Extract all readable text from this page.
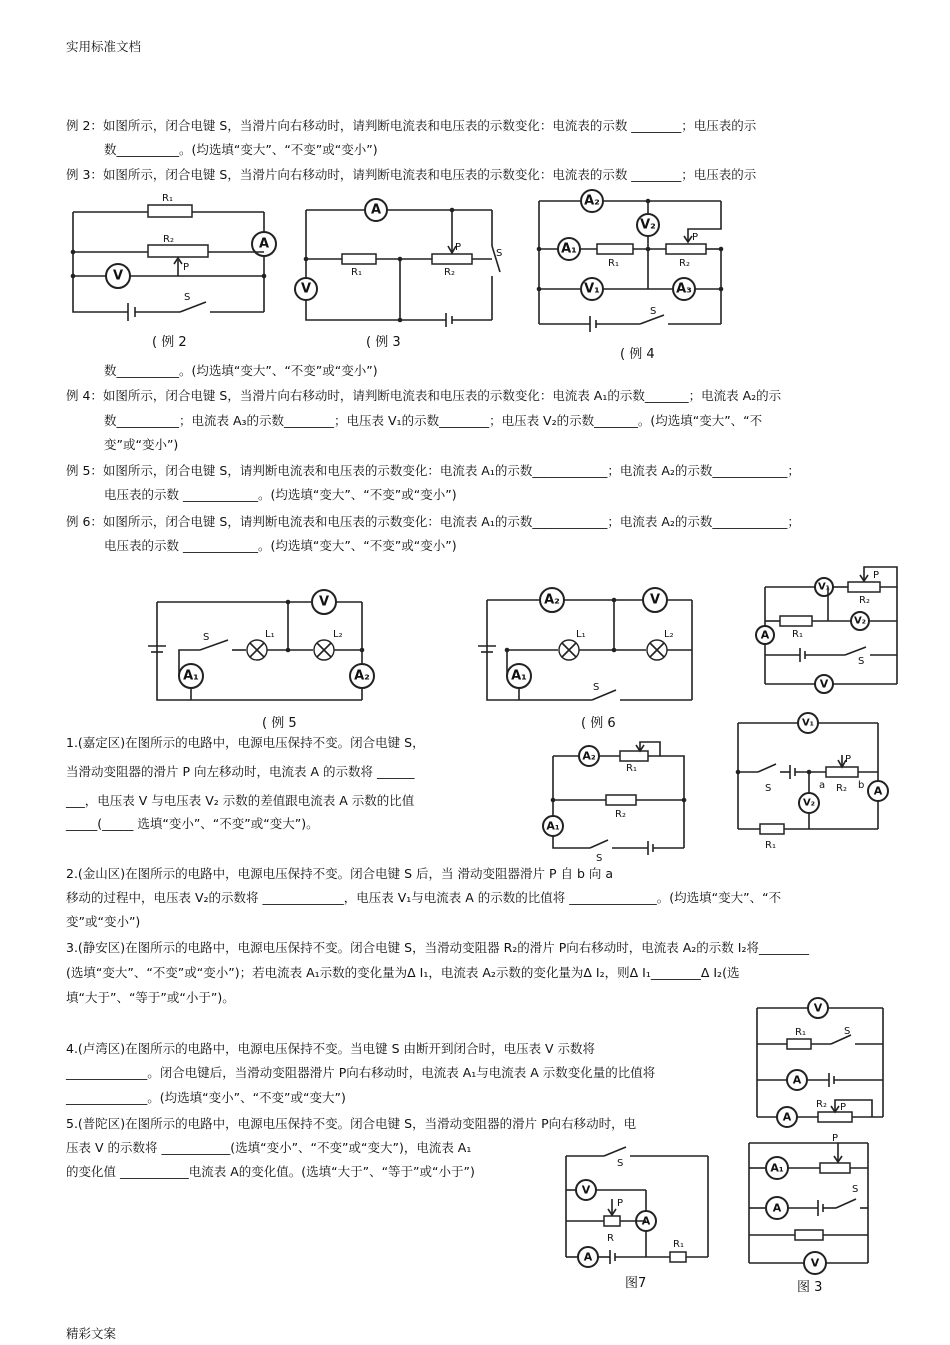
实用标准文档
精彩文案
例 2：如图所示，闭合电键 S，当滑片向右移动时，请判断电流表和电压表的示数变化：电流表的示数 ________；电压表的示
数__________。(均选填“变大”、“不变”或“变小”)
例 3：如图所示，闭合电键 S，当滑片向右移动时，请判断电流表和电压表的示数变化：电流表的示数 ________；电压表的示
数__________。(均选填“变大”、“不变”或“变小”)
例 4：如图所示，闭合电键 S，当滑片向右移动时，请判断电流表和电压表的示数变化：电流表 A₁的示数_______；电流表 A₂的示
数__________；电流表 A₃的示数________；电压表 V₁的示数________；电压表 V₂的示数_______。(均选填“变大”、“不
变”或“变小”)
例 5：如图所示，闭合电键 S，请判断电流表和电压表的示数变化：电流表 A₁的示数____________；电流表 A₂的示数____________；
电压表的示数 ____________。(均选填“变大”、“不变”或“变小”)
例 6：如图所示，闭合电键 S，请判断电流表和电压表的示数变化：电流表 A₁的示数____________；电流表 A₂的示数____________；
电压表的示数 ____________。(均选填“变大”、“不变”或“变小”)
1.(嘉定区)在图所示的电路中，电源电压保持不变。闭合电键 S，
当滑动变阻器的滑片 P 向左移动时，电流表 A 的示数将 ______
___，电压表 V 与电压表 V₂ 示数的差值跟电流表 A 示数的比值
_____(_____ 选填“变小”、“不变”或“变大”)。
2.(金山区)在图所示的电路中，电源电压保持不变。闭合电键 S 后，当 滑动变阻器滑片 P 自 b 向 a
移动的过程中，电压表 V₂的示数将 _____________，电压表 V₁与电流表 A 的示数的比值将 ______________。(均选填“变大”、“不
变”或“变小”)
3.(静安区)在图所示的电路中，电源电压保持不变。闭合电键 S，当滑动变阻器 R₂的滑片 P向右移动时，电流表 A₂的示数 I₂将________
(选填“变大”、“不变”或“变小”)；若电流表 A₁示数的变化量为Δ I₁，电流表 A₂示数的变化量为Δ I₂，则Δ I₁________Δ I₂(选
填“大于”、“等于”或“小于”)。
4.(卢湾区)在图所示的电路中，电源电压保持不变。当电键 S 由断开到闭合时，电压表 V 示数将
_____________。闭合电键后，当滑动变阻器滑片 P向右移动时，电流表 A₁与电流表 A 示数变化量的比值将
_____________。(均选填“变小”、“不变”或“变大”)
5.(普陀区)在图所示的电路中，电源电压保持不变。闭合电键 S，当滑动变阻器的滑片 P向右移动时，电
压表 V 的示数将 ___________(选填“变小”、“不变”或“变大”)，电流表 A₁
的变化值 ___________电流表 A的变化值。(选填“大于”、“等于”或“小于”)
( 例 2	( 例 3
( 例 4
( 例 5	( 例 6
图7	图 3
A
V
R₁
R₂
P
S
A
V
R₁	R₂
P
S
A₂
A₁
V₂
V₁	A₃
R₁	R₂
P
S
V
A₁	A₂
S	L₁	L₂
A₂	V
A₁
S
L₁	L₂
V₁
A
V₂
V
R₁
R₂
P
S
A₂
A₁
R₁
R₂
S
V₁
A
V₂
S	a	b
P
R₂
R₁
V
A
A
R₁	S
R₂ P
V
A
A
S
P
R
R₁
A₁
A
V
P
S
